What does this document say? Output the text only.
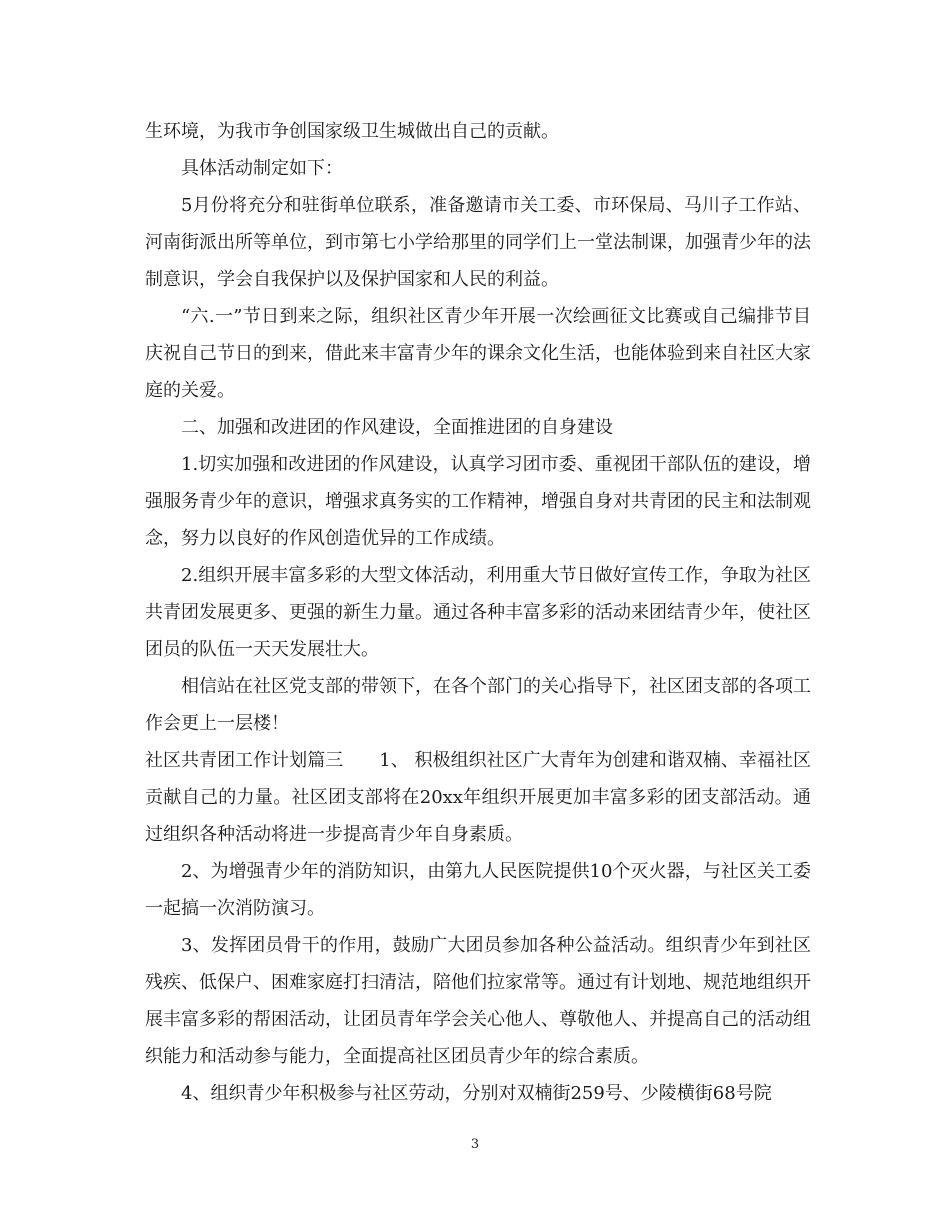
生环境，为我市争创国家级卫生城做出自己的贡献。

具体活动制定如下：

5月份将充分和驻街单位联系，准备邀请市关工委、市环保局、马川子工作站、河南街派出所等单位，到市第七小学给那里的同学们上一堂法制课，加强青少年的法制意识，学会自我保护以及保护国家和人民的利益。

“六.一”节日到来之际，组织社区青少年开展一次绘画征文比赛或自己编排节目庆祝自己节日的到来，借此来丰富青少年的课余文化生活，也能体验到来自社区大家庭的关爱。

二、加强和改进团的作风建设，全面推进团的自身建设

1.切实加强和改进团的作风建设，认真学习团市委、重视团干部队伍的建设，增强服务青少年的意识，增强求真务实的工作精神，增强自身对共青团的民主和法制观念，努力以良好的作风创造优异的工作成绩。

2.组织开展丰富多彩的大型文体活动，利用重大节日做好宣传工作，争取为社区共青团发展更多、更强的新生力量。通过各种丰富多彩的活动来团结青少年，使社区团员的队伍一天天发展壮大。

相信站在社区党支部的带领下，在各个部门的关心指导下，社区团支部的各项工作会更上一层楼！

社区共青团工作计划篇三　　1、 积极组织社区广大青年为创建和谐双楠、幸福社区贡献自己的力量。社区团支部将在20xx年组织开展更加丰富多彩的团支部活动。通过组织各种活动将进一步提高青少年自身素质。

2、为增强青少年的消防知识，由第九人民医院提供10个灭火器，与社区关工委一起搞一次消防演习。

3、发挥团员骨干的作用，鼓励广大团员参加各种公益活动。组织青少年到社区残疾、低保户、困难家庭打扫清洁，陪他们拉家常等。通过有计划地、规范地组织开展丰富多彩的帮困活动，让团员青年学会关心他人、尊敬他人、并提高自己的活动组织能力和活动参与能力，全面提高社区团员青少年的综合素质。

4、组织青少年积极参与社区劳动，分别对双楠街259号、少陵横街68号院

3
